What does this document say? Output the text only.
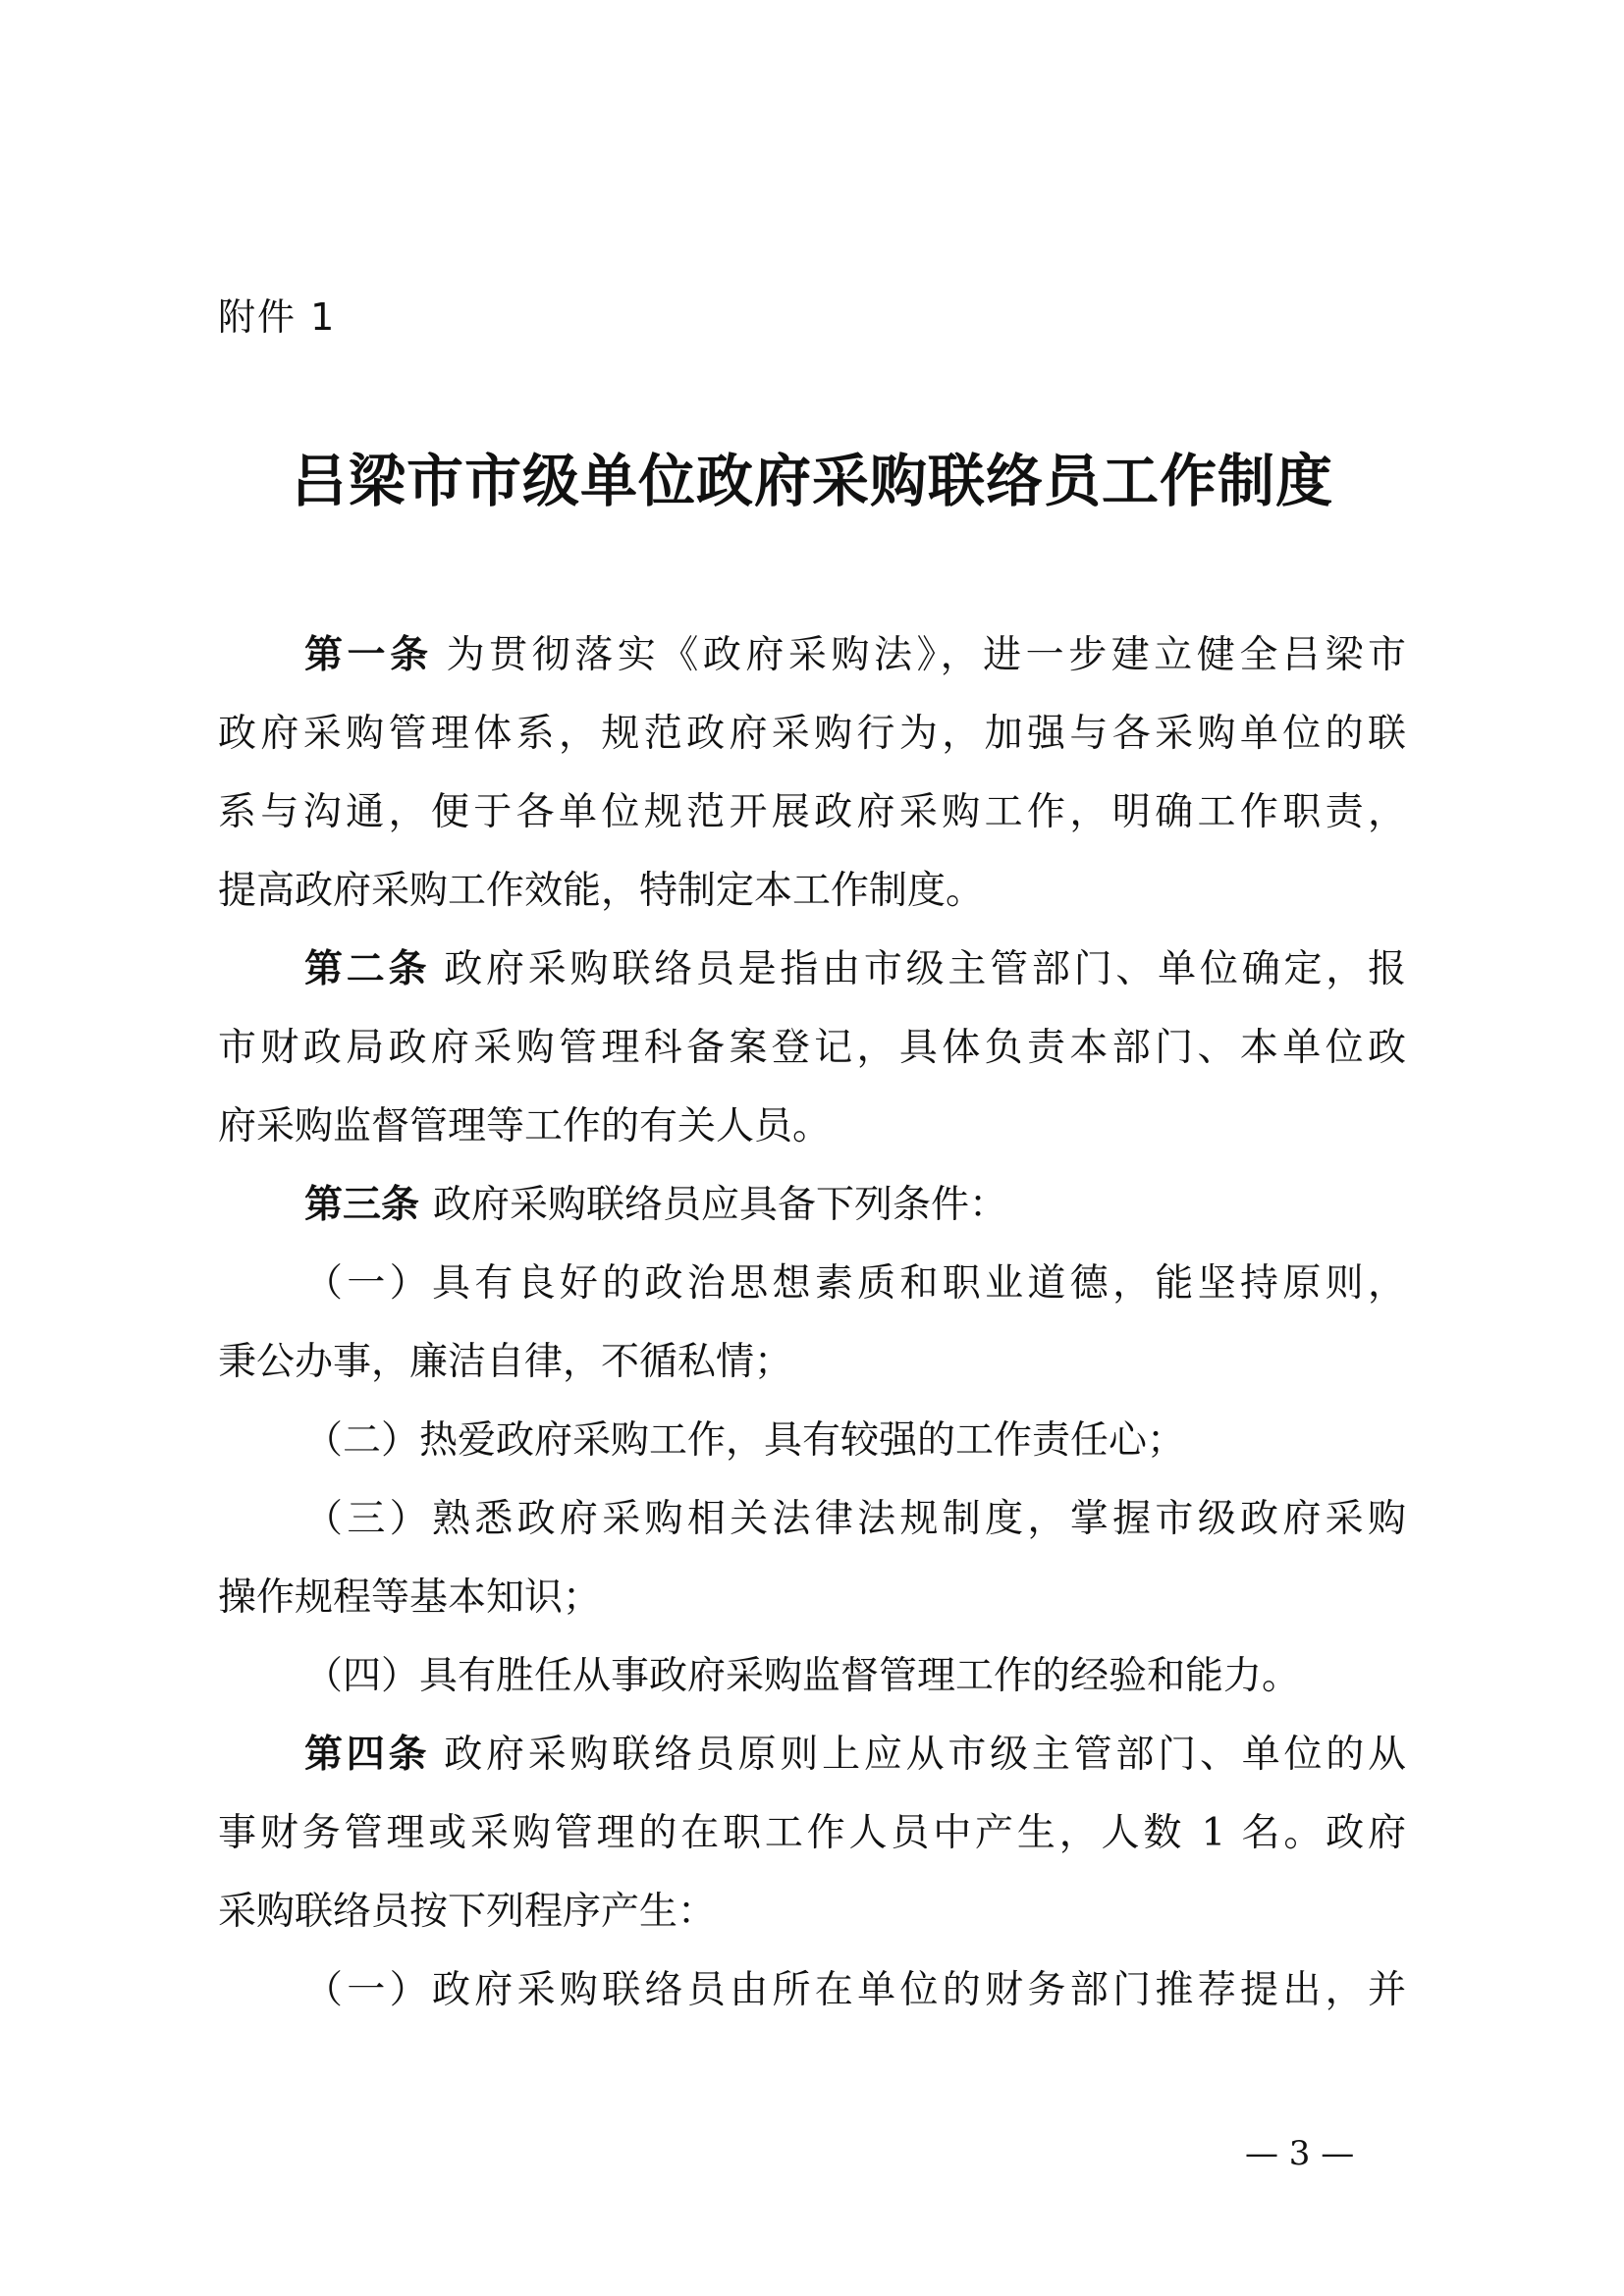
附件 1
吕梁市市级单位政府采购联络员工作制度
第一条 为贯彻落实《政府采购法》，进一步建立健全吕梁市
政府采购管理体系，规范政府采购行为，加强与各采购单位的联
系与沟通，便于各单位规范开展政府采购工作，明确工作职责，
提高政府采购工作效能，特制定本工作制度。
第二条 政府采购联络员是指由市级主管部门、单位确定，报
市财政局政府采购管理科备案登记，具体负责本部门、本单位政
府采购监督管理等工作的有关人员。
第三条 政府采购联络员应具备下列条件：
（一）具有良好的政治思想素质和职业道德，能坚持原则，
秉公办事，廉洁自律，不循私情；
（二）热爱政府采购工作，具有较强的工作责任心；
（三）熟悉政府采购相关法律法规制度，掌握市级政府采购
操作规程等基本知识；
（四）具有胜任从事政府采购监督管理工作的经验和能力。
第四条 政府采购联络员原则上应从市级主管部门、单位的从
事财务管理或采购管理的在职工作人员中产生，人数 1 名。政府
采购联络员按下列程序产生：
（一）政府采购联络员由所在单位的财务部门推荐提出，并
— 3 —
